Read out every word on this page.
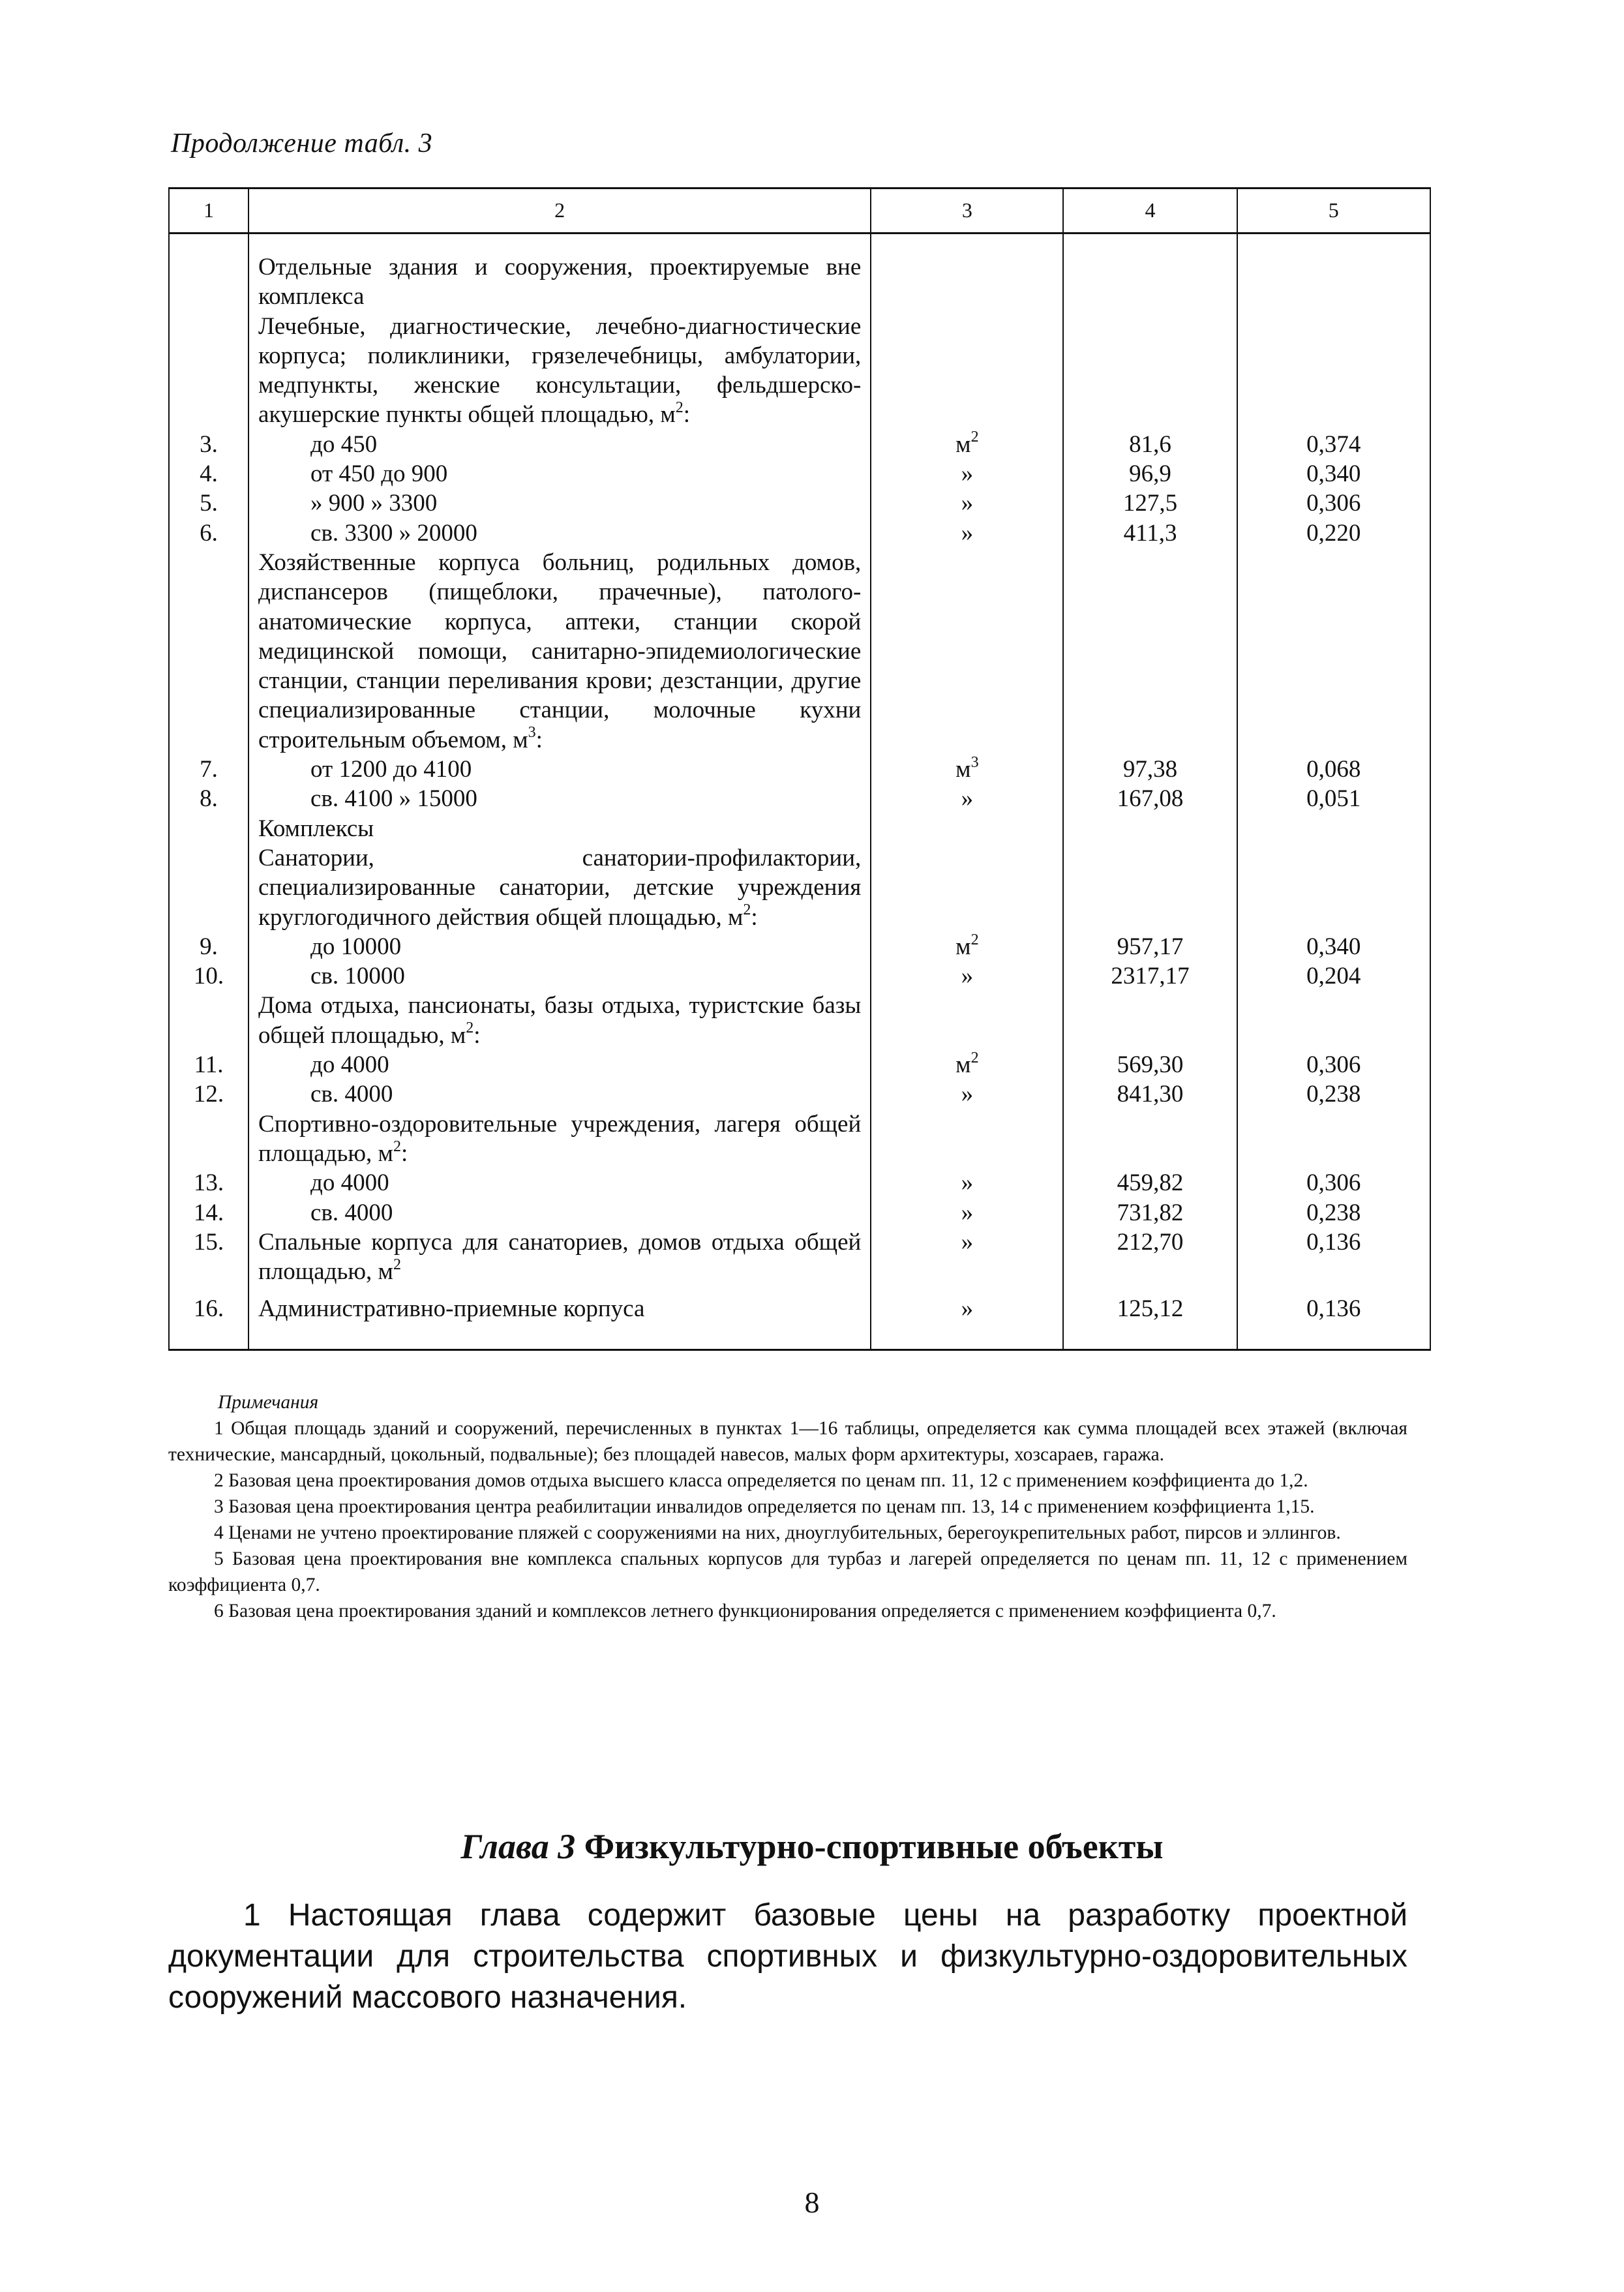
Продолжение табл. 3
1	2	3	4	5
	Отдельные здания и сооружения, проектируемые вне комплекса			
	Лечебные, диагностические, лечебно-диагностические корпуса; поликлиники, грязелечебницы, амбулатории, медпункты, женские консультации, фельдшерско-акушерские пункты общей площадью, $м^2$:			
3.	до 450	$м^2$	81,6	0,374
4.	от 450 до 900	»	96,9	0,340
5.	» 900 » 3300	»	127,5	0,306
6.	св. 3300 » 20000	»	411,3	0,220
	Хозяйственные корпуса больниц, родильных домов, диспансеров (пищеблоки, прачечные), патолого-анатомические корпуса, аптеки, станции скорой медицинской помощи, санитарно-эпидемиологические станции, станции переливания крови; дезстанции, другие специализированные станции, молочные кухни строительным объемом, $м^3$:			
7.	от 1200 до 4100	$м^3$	97,38	0,068
8.	св. 4100 » 15000	»	167,08	0,051
	Комплексы			
	Санатории, санатории-профилактории, специализированные санатории, детские учреждения круглогодичного действия общей площадью, $м^2$:			
9.	до 10000	$м^2$	957,17	0,340
10.	св. 10000	»	2317,17	0,204
	Дома отдыха, пансионаты, базы отдыха, туристские базы общей площадью, $м^2$:			
11.	до 4000	$м^2$	569,30	0,306
12.	св. 4000	»	841,30	0,238
	Спортивно-оздоровительные учреждения, лагеря общей площадью, $м^2$:			
13.	до 4000	»	459,82	0,306
14.	св. 4000	»	731,82	0,238
15.	Спальные корпуса для санаториев, домов отдыха общей площадью, $м^2$	»	212,70	0,136
16.	Административно-приемные корпуса	»	125,12	0,136
Примечания

1 Общая площадь зданий и сооружений, перечисленных в пунктах 1—16 таблицы, определяется как сумма площадей всех этажей (включая технические, мансардный, цокольный, подвальные); без площадей навесов, малых форм архитектуры, хозсараев, гаража.

2 Базовая цена проектирования домов отдыха высшего класса определяется по ценам пп. 11, 12 с применением коэффициента до 1,2.

3 Базовая цена проектирования центра реабилитации инвалидов определяется по ценам пп. 13, 14 с применением коэффициента 1,15.

4 Ценами не учтено проектирование пляжей с сооружениями на них, дноуглубительных, берегоукрепительных работ, пирсов и эллингов.

5 Базовая цена проектирования вне комплекса спальных корпусов для турбаз и лагерей определяется по ценам пп. 11, 12 с применением коэффициента 0,7.

6 Базовая цена проектирования зданий и комплексов летнего функционирования определяется с применением коэффициента 0,7.

Глава 3 Физкультурно-спортивные объекты

1 Настоящая глава содержит базовые цены на разработку проектной документации для строительства спортивных и физкультурно-оздоровительных сооружений массового назначения.

8
